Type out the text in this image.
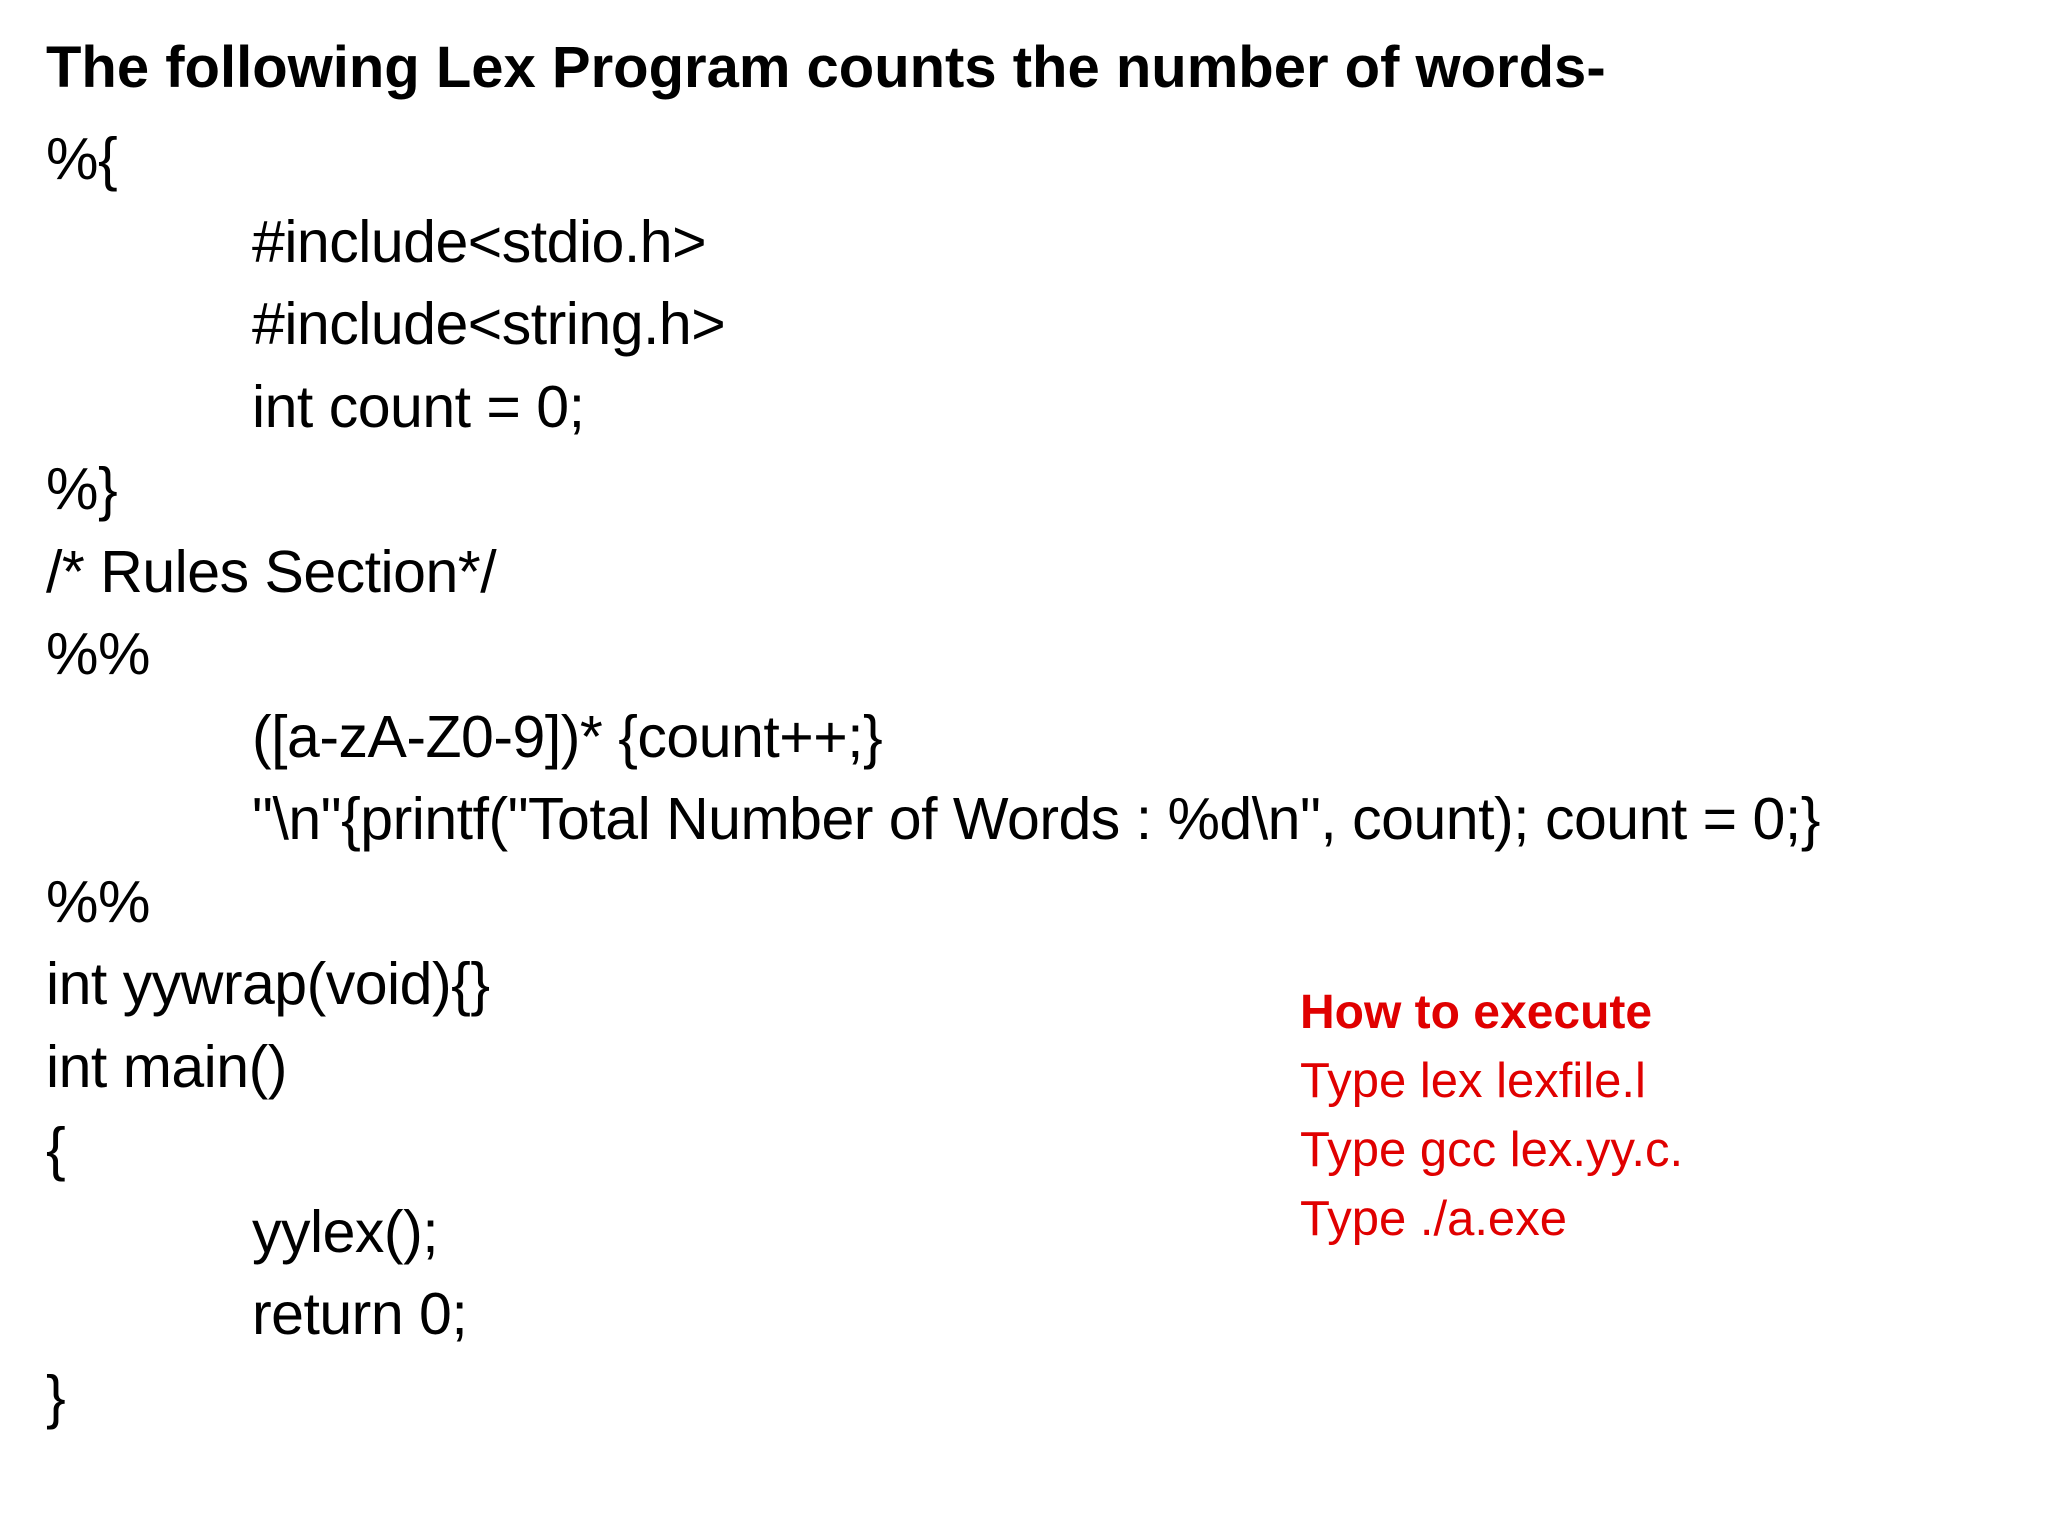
The following Lex Program counts the number of words-
%{
#include<stdio.h>
#include<string.h>
int count = 0;
%}
/* Rules Section*/
%%
([a-zA-Z0-9])* {count++;}
"\n"{printf("Total Number of Words : %d\n", count); count = 0;}
%%
int yywrap(void){}
int main()
{
yylex();
return 0;
}
How to execute
Type lex lexfile.l
Type gcc lex.yy.c.
Type ./a.exe
